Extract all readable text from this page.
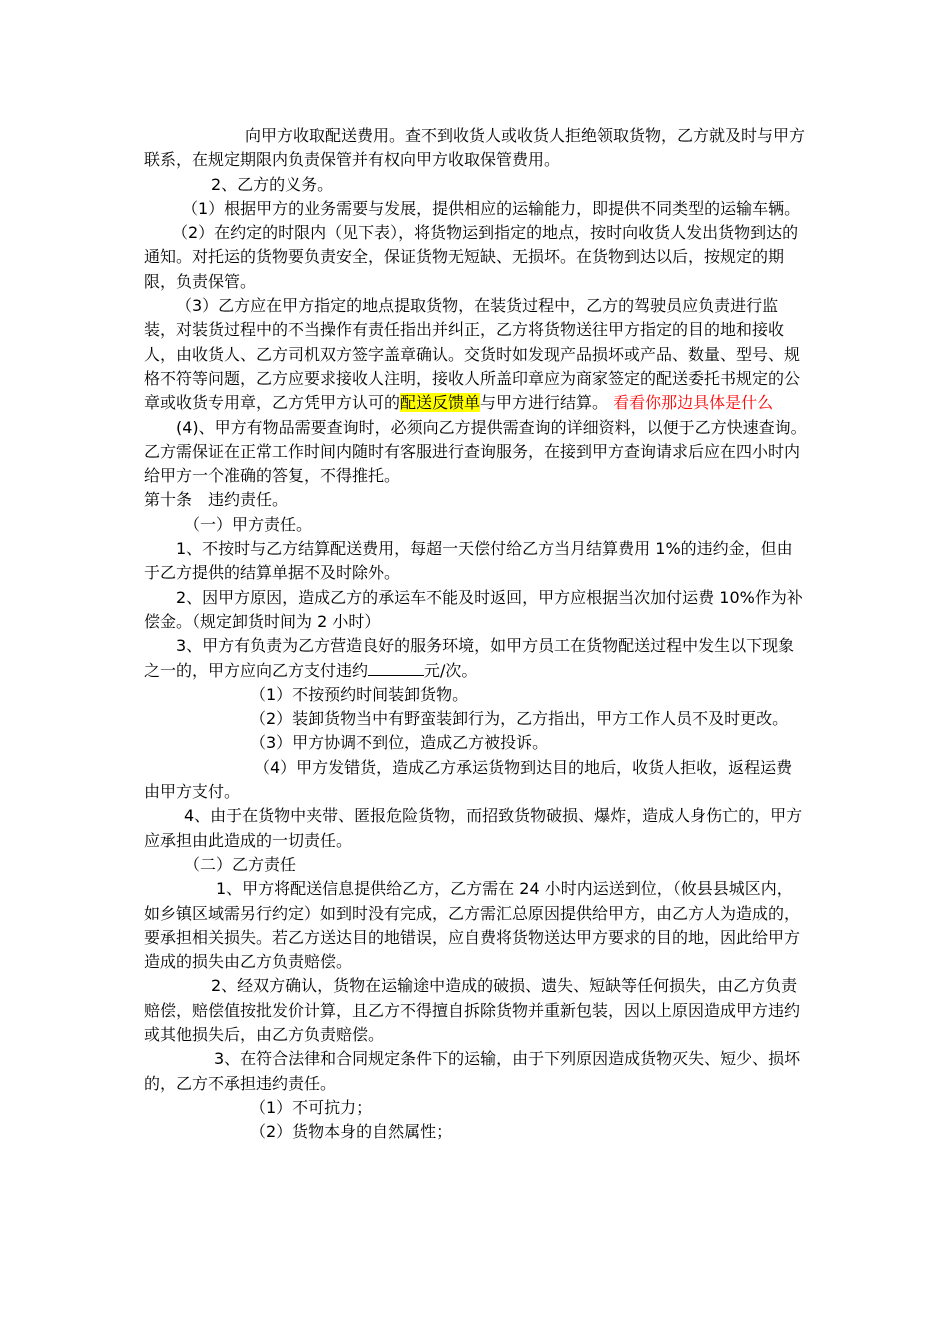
向甲方收取配送费用。查不到收货人或收货人拒绝领取货物，乙方就及时与甲方联系，在规定期限内负责保管并有权向甲方收取保管费用。

2、乙方的义务。

（1）根据甲方的业务需要与发展，提供相应的运输能力，即提供不同类型的运输车辆。

（2）在约定的时限内（见下表），将货物运到指定的地点，按时向收货人发出货物到达的通知。对托运的货物要负责安全，保证货物无短缺、无损坏。在货物到达以后，按规定的期限，负责保管。

（3）乙方应在甲方指定的地点提取货物，在装货过程中，乙方的驾驶员应负责进行监装，对装货过程中的不当操作有责任指出并纠正，乙方将货物送往甲方指定的目的地和接收人，由收货人、乙方司机双方签字盖章确认。交货时如发现产品损坏或产品、数量、型号、规格不符等问题，乙方应要求接收人注明，接收人所盖印章应为商家签定的配送委托书规定的公章或收货专用章，乙方凭甲方认可的配送反馈单与甲方进行结算。 看看你那边具体是什么

(4)、甲方有物品需要查询时，必须向乙方提供需查询的详细资料，以便于乙方快速查询。 乙方需保证在正常工作时间内随时有客服进行查询服务，在接到甲方查询请求后应在四小时内给甲方一个准确的答复，不得推托。

第十条　违约责任。

（一）甲方责任。

1、不按时与乙方结算配送费用，每超一天偿付给乙方当月结算费用 1%的违约金，但由于乙方提供的结算单据不及时除外。

2、因甲方原因，造成乙方的承运车不能及时返回，甲方应根据当次加付运费 10%作为补偿金。（规定卸货时间为 2 小时）

3、甲方有负责为乙方营造良好的服务环境，如甲方员工在货物配送过程中发生以下现象之一的，甲方应向乙方支付违约	元/次。

（1）不按预约时间装卸货物。

（2）装卸货物当中有野蛮装卸行为，乙方指出，甲方工作人员不及时更改。

（3）甲方协调不到位，造成乙方被投诉。

（4）甲方发错货，造成乙方承运货物到达目的地后，收货人拒收，返程运费由甲方支付。

4、由于在货物中夹带、匿报危险货物，而招致货物破损、爆炸，造成人身伤亡的，甲方应承担由此造成的一切责任。

（二）乙方责任

1、甲方将配送信息提供给乙方，乙方需在 24 小时内运送到位，（攸县县城区内，如乡镇区域需另行约定）如到时没有完成，乙方需汇总原因提供给甲方，由乙方人为造成的，要承担相关损失。若乙方送达目的地错误，应自费将货物送达甲方要求的目的地，因此给甲方造成的损失由乙方负责赔偿。

2、经双方确认，货物在运输途中造成的破损、遗失、短缺等任何损失，由乙方负责赔偿，赔偿值按批发价计算，且乙方不得擅自拆除货物并重新包装，因以上原因造成甲方违约或其他损失后，由乙方负责赔偿。

3、在符合法律和合同规定条件下的运输，由于下列原因造成货物灭失、短少、损坏的，乙方不承担违约责任。

（1）不可抗力；

（2）货物本身的自然属性；
